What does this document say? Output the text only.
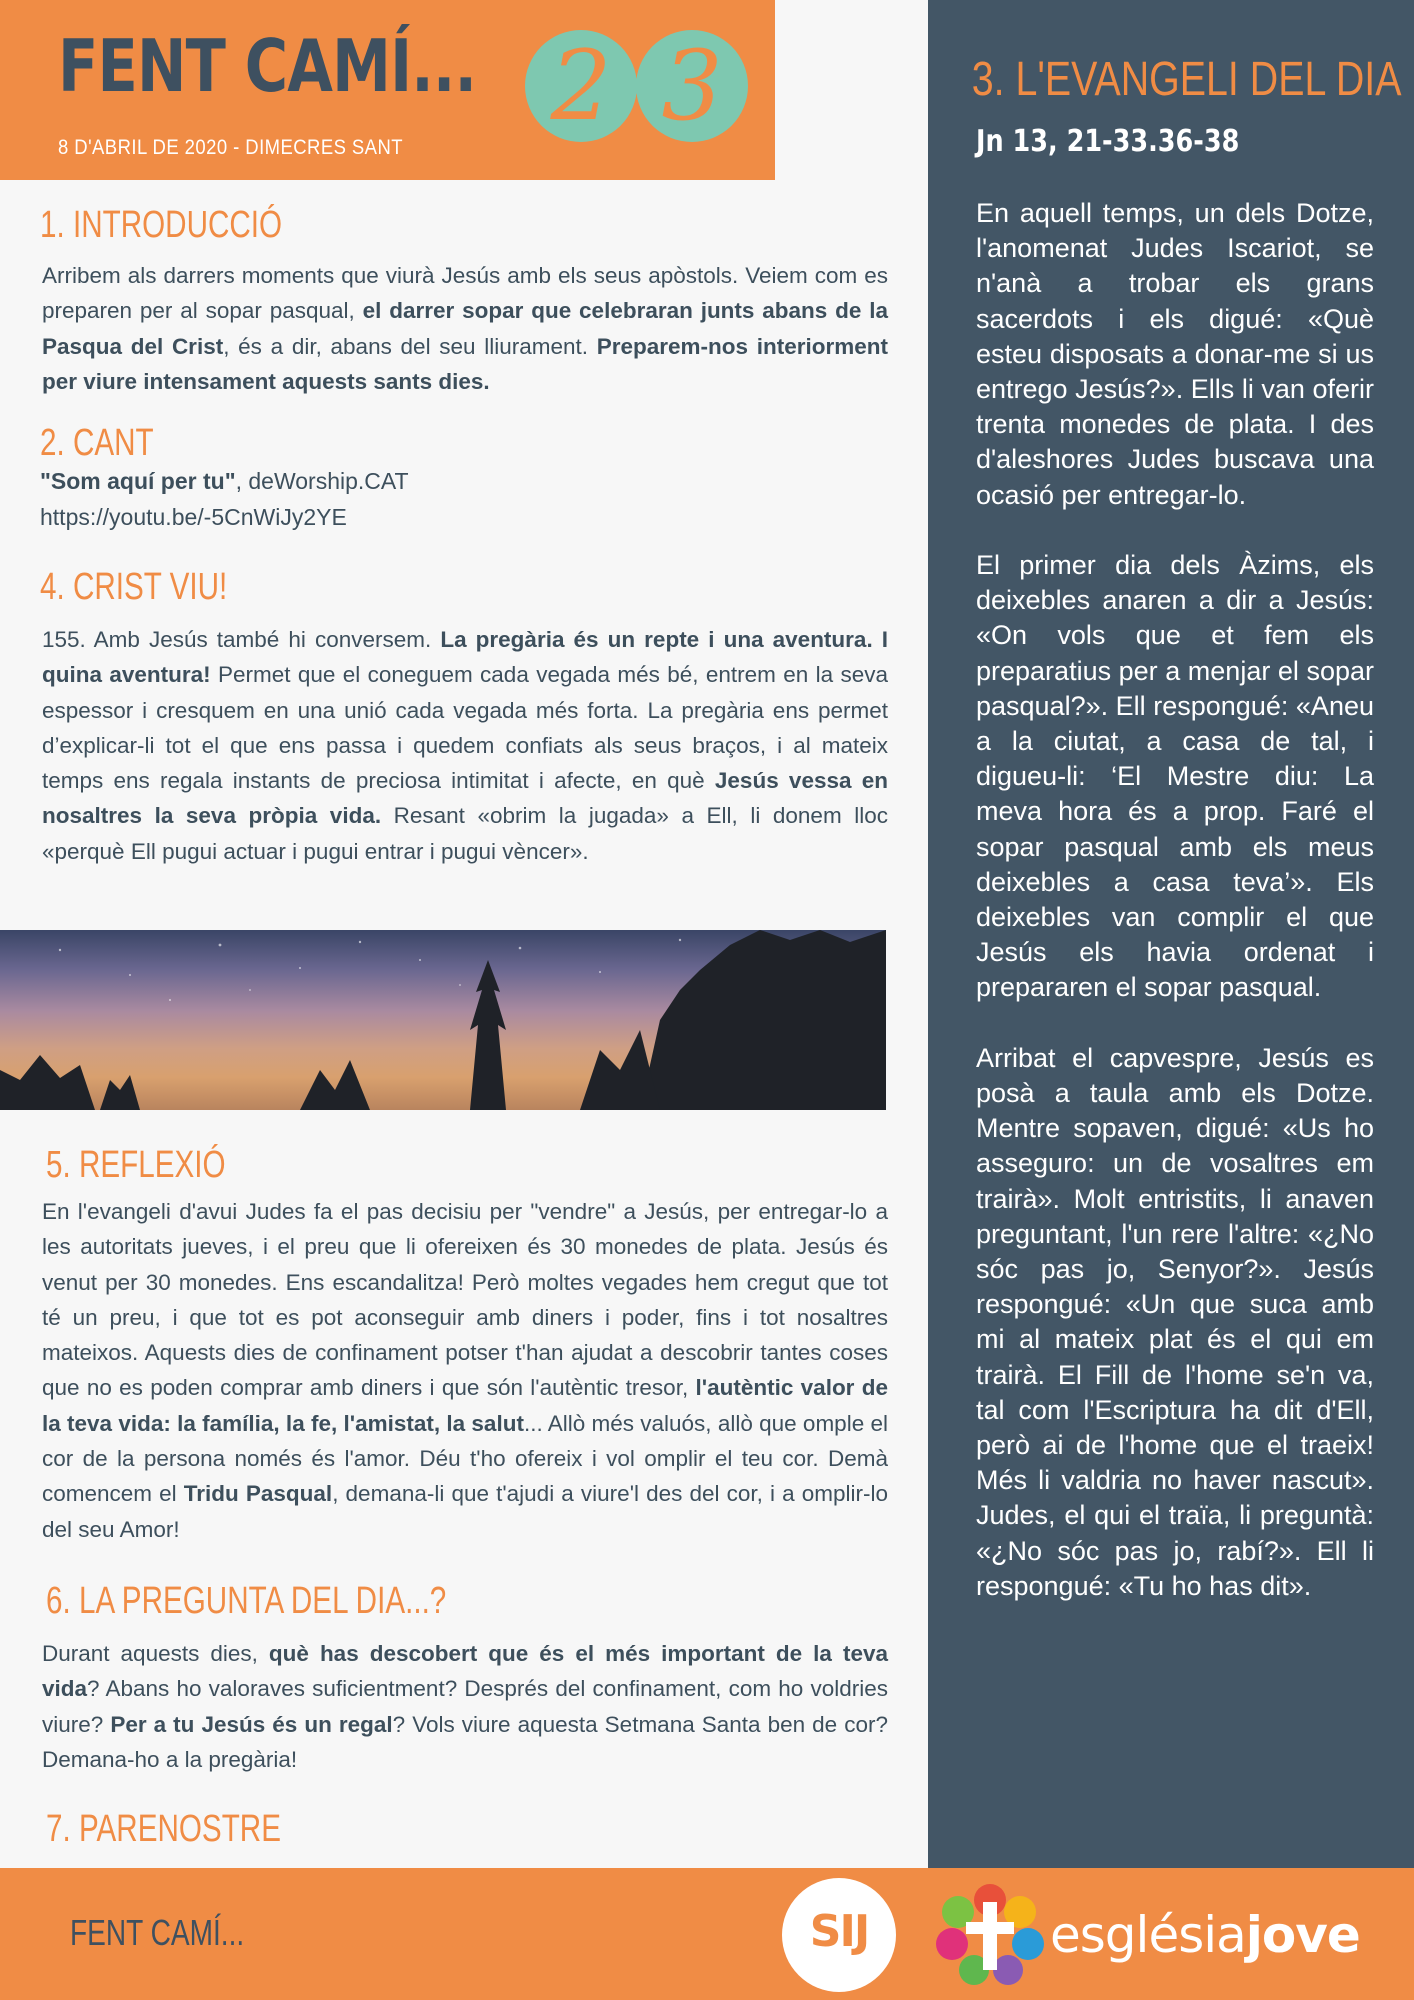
FENT CAMÍ...
8 D'ABRIL DE 2020 - DIMECRES SANT
2 3	3. L'EVANGELI DEL DIA
Jn 13, 21-33.36-38

En aquell temps, un dels Dotze, l'anomenat Judes Iscariot, se n'anà a trobar els grans sacerdots i els digué: «Què esteu disposats a donar-me si us entrego Jesús?». Ells li van oferir trenta monedes de plata. I des d'aleshores Judes buscava una ocasió per entregar-lo.

El primer dia dels Àzims, els deixebles anaren a dir a Jesús: «On vols que et fem els preparatius per a menjar el sopar pasqual?». Ell respongué: «Aneu a la ciutat, a casa de tal, i digueu-li: ‘El Mestre diu: La meva hora és a prop. Faré el sopar pasqual amb els meus deixebles a casa teva’». Els deixebles van complir el que Jesús els havia ordenat i prepararen el sopar pasqual.

Arribat el capvespre, Jesús es posà a taula amb els Dotze. Mentre sopaven, digué: «Us ho asseguro: un de vosaltres em trairà». Molt entristits, li anaven preguntant, l'un rere l'altre: «¿No sóc pas jo, Senyor?». Jesús respongué: «Un que suca amb mi al mateix plat és el qui em trairà. El Fill de l'home se'n va, tal com l'Escriptura ha dit d'Ell, però ai de l'home que el traeix! Més li valdria no haver nascut». Judes, el qui el traïa, li preguntà: «¿No sóc pas jo, rabí?». Ell li respongué: «Tu ho has dit».

1. INTRODUCCIÓ
Arribem als darrers moments que viurà Jesús amb els seus apòstols. Veiem com es preparen per al sopar pasqual, el darrer sopar que celebraran junts abans de la Pasqua del Crist, és a dir, abans del seu lliurament. Preparem-nos interiorment per viure intensament aquests sants dies.
2. CANT
"Som aquí per tu", deWorship.CAT
https://youtu.be/-5CnWiJy2YE
4. CRIST VIU!
155. Amb Jesús també hi conversem. La pregària és un repte i una aventura. I quina aventura! Permet que el coneguem cada vegada més bé, entrem en la seva espessor i cresquem en una unió cada vegada més forta. La pregària ens permet d’explicar-li tot el que ens passa i quedem confiats als seus braços, i al mateix temps ens regala instants de preciosa intimitat i afecte, en què Jesús vessa en nosaltres la seva pròpia vida. Resant «obrim la jugada» a Ell, li donem lloc «perquè Ell pugui actuar i pugui entrar i pugui vèncer».
5. REFLEXIÓ
En l'evangeli d'avui Judes fa el pas decisiu per "vendre" a Jesús, per entregar-lo a les autoritats jueves, i el preu que li ofereixen és 30 monedes de plata. Jesús és venut per 30 monedes. Ens escandalitza! Però moltes vegades hem cregut que tot té un preu, i que tot es pot aconseguir amb diners i poder, fins i tot nosaltres mateixos. Aquests dies de confinament potser t'han ajudat a descobrir tantes coses que no es poden comprar amb diners i que són l'autèntic tresor, l'autèntic valor de la teva vida: la família, la fe, l'amistat, la salut... Allò més valuós, allò que omple el cor de la persona només és l'amor. Déu t'ho ofereix i vol omplir el teu cor. Demà comencem el Tridu Pasqual, demana-li que t'ajudi a viure'l des del cor, i a omplir-lo del seu Amor!
6. LA PREGUNTA DEL DIA...?
Durant aquests dies, què has descobert que és el més important de la teva vida? Abans ho valoraves suficientment? Després del confinament, com ho voldries viure? Per a tu Jesús és un regal? Vols viure aquesta Setmana Santa ben de cor? Demana-ho a la pregària!
7. PARENOSTRE
FENT CAMÍ...	SIJ	esglésiajove
